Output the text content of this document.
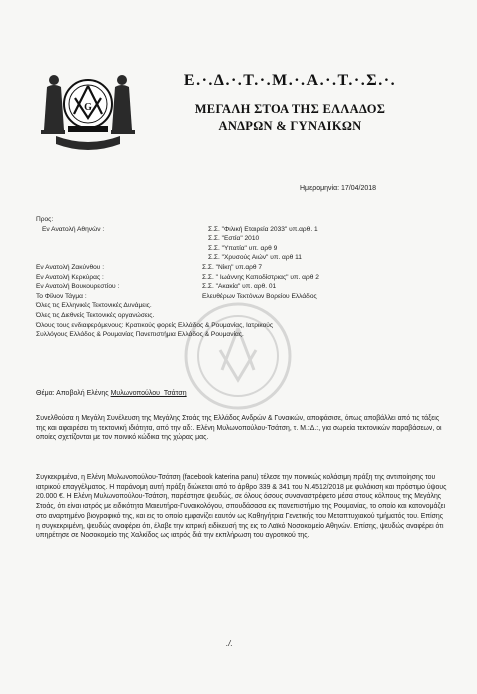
G
Ε.·.Δ.·.Τ.·.Μ.·.Α.·.Τ.·.Σ.·.
ΜΕΓΑΛΗ ΣΤΟΑ ΤΗΣ ΕΛΛΑΔΟΣ
ΑΝΔΡΩΝ & ΓΥΝΑΙΚΩΝ
Ημερομηνία: 17/04/2018
Προς:
Εν Ανατολή Αθηνών :	Σ.Σ. "Φιλική Εταιρεία 2033" υπ.αρθ. 1
Σ.Σ. "Εστία" 2010
Σ.Σ. "Υπατία" υπ. αρθ 9
Σ.Σ. "Χρυσούς Αιών" υπ. αρθ 11
Εν Ανατολή Ζακύνθου :	Σ.Σ. "Νίκη" υπ.αρθ 7
Εν Ανατολή Κερκύρας :	Σ.Σ. " Ιωάννης Καποδίστριας" υπ. αρθ 2
Εν Ανατολή Βουκουρεστίου :	Σ.Σ. "Ακακία" υπ. αρθ. 01
Το Φίλιον Τάγμα :	Ελευθέρων Τεκτόνων Βορείου Ελλάδος
Όλες τις Ελληνικές Τεκτονικές Δυνάμεις.
Όλες τις Διεθνείς Τεκτονικές οργανώσεις.
Όλους τους ενδιαφερόμενους: Κρατικούς φορείς Ελλάδος & Ρουμανίας, Ιατρικούς
Συλλόγους Ελλάδος & Ρουμανίας Πανεπιστήμια Ελλάδος & Ρουμανίας.
Θέμα: Αποβολή Ελένης Μυλωνοπούλου_Τσάτση
Συνελθούσα η Μεγάλη Συνέλευση της Μεγάλης Στοάς της Ελλάδος Ανδρών & Γυναικών, αποφάσισε, όπως αποβάλλει από τις τάξεις της και αφαιρέσει τη τεκτονική ιδιότητα, από την αδ:. Ελένη Μυλωνοπούλου-Τσάτση, τ. Μ.:Δ.:, για σωρεία τεκτονικών παραβάσεων, οι οποίες σχετίζονται με τον ποινικό κώδικα της χώρας μας.
Συγκεκριμένα, η Ελένη Μυλωνοπούλου-Τσάτση (facebook katerina panu) τέλεσε την ποινικώς κολάσιμη πράξη της αντιποίησης του ιατρικού επαγγέλματος. Η παράνομη αυτή πράξη διώκεται από το άρθρο 339 & 341 του Ν.4512/2018 με φυλάκιση και πρόστιμο ύψους 20.000 €. Η Ελένη Μυλωνοπούλου-Τσάτση, παρέστησε ψευδώς, σε όλους όσους συναναστρέφετο μέσα στους κόλπους της Μεγάλης Στοάς, ότι είναι ιατρός με ειδικότητα Μαιευτήρα-Γυναικολόγου, σπουδάσασα εις πανεπιστήμιο της Ρουμανίας, το οποίο και κατονομάζει στο αναρτημένο βιογραφικό της, και εις το οποίο εμφανίζει εαυτόν ως Καθηγήτρια Γενετικής του Μεταπτυχιακού τμήματός του. Επίσης η συγκεκριμένη, ψευδώς αναφέρει ότι, έλαβε την ιατρική ειδίκευσή της εις το Λαϊκό Νοσοκομείο Αθηνών. Επίσης, ψευδώς αναφέρει ότι υπηρέτησε σε Νοσοκομείο της Χαλκίδος ως ιατρός διά την εκπλήρωση του αγροτικού της.
./.
